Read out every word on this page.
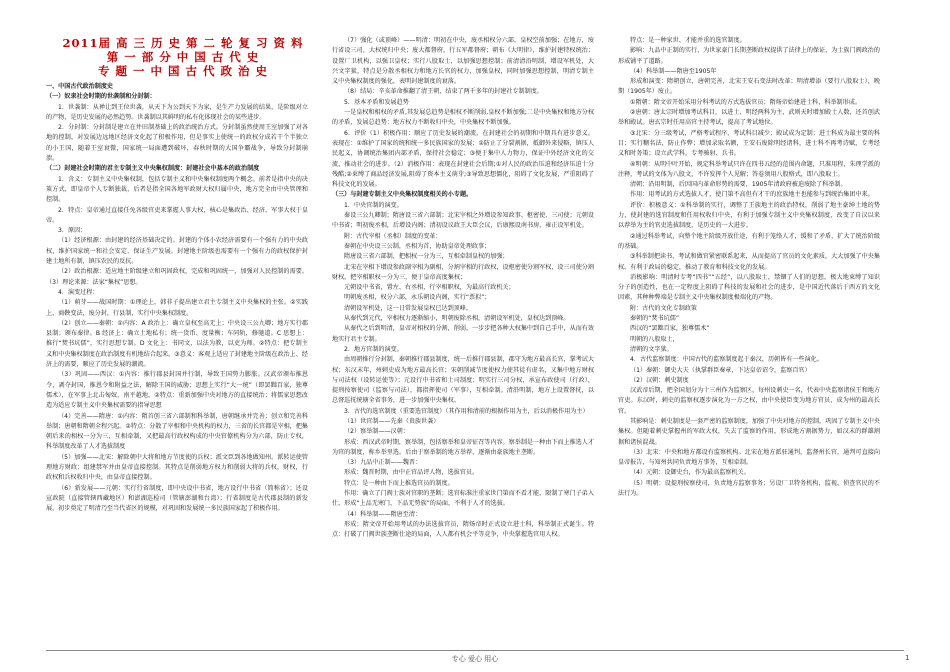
2011届 高 三 历 史 第 二 轮 复 习 资 料

第 一 部 分 中 国 古 代 史

专 题 一 中 国 古 代 政 治 史

一、中国古代政治制度史

（一）奴隶社会时期的世袭制和分封制：

1．世袭制：从禅让到王位世袭，从天下为公到天下为家，是生产力发展的结果，是阶级对立的产物，是历史发展的必然趋势。世袭制以其鲜明的私有化体现社会的某些进步。

2．分封制：分封制是建立在井田制基础上的政治统治方式。分封制虽然使周王室加强了对各地的控制，对发展边远地区经济文化起了积极作用，但是事实上使统一的政权分成若干个半独立的小王国，随着王室衰微，国家统一局面遭到破坏，春秋时期的大国争霸战争，导致分封制崩溃。

（二）封建社会时期的君主专制主义中央集权制度：封建社会中基本的政治制度

1．含义：专制主义中央集权制，包括专制主义和中央集权制度两个概念。前者是指中央的决策方式，即皇帝个人专断独裁，后者是指全国各地军政财大权归属中央，地方完全由中央管理和控制。

2．特点：皇帝通过直接任免各级官吏来掌握人事大权，核心是集政治、经济、军事大权于皇帝。

3．原因：

（1）经济根源：由封建的经济基础决定的。封建的个体小农经济需要有一个强有力的中央政权，维护国家统一和社会安定，保证生产发展。封建地主阶级也需要有一个强有力的政权保护封建土地所有制，镇压农民的反抗。

（2）政治根源：适应地主阶级建立和巩固政权，完成和巩固统一，加强对人民控制的需要。（3）理论来源：法家“集权”思想。

4．演变过程：

（1）萌芽——战国时期：①理论上，韩非子提出建立君主专制主义中央集权的主张。②实践上，商鞅变法，废分封，行县制，实行中央集权制度。

（2）创立——秦朝：①内容：A 政治上：确立皇权至高无上；中央设三公九卿；地方实行郡县制；颁布秦律。B 经济上：确立土地私有；统一货币、度量衡；车同轨，修驰道。C 思想上：推行“焚书坑儒”，实行思想专制。D 文化上：书同文，以法为教，以吏为师。②特点：把专制主义和中央集权制度在政治制度有机地结合起来。③意义：客观上适应了封建地主阶级在政治上、经济上的需要，顺应了历史发展的潮流。

（3）巩固——西汉：①内容：推行郡县封国并行制，导致王国势力膨胀。汉武帝颁布推恩令，剥夺封国，推恩令和附益之法，解除王国的威胁；思想上实行“大一统”（即罢黜百家，独尊儒术），在军事上北击匈奴，南平越地。②特点：重新加强中央对地方的直接统治；将儒家思想改造为适应专制主义中央集权需要的指导思想

（4）完善——隋唐：①内容：隋首创三省六部制和科举制，唐朝继承并完善；创立和完善科举制；唐朝和隋朝全程兴起。②特点：分散了宰相和中央机构的权力，三省的长官都是宰相，把集朝后来的相权一分为三，互相牵制，又把最高行政权构成的中央官僚机构分为六部，防止专权，科举制度改革了人才选拔制度

（5）加强——北宋：解除朝中大将和地方节度使的兵权；派文臣到各地做知州。派转运使管理地方财政；组建禁军并由皇帝直接控制。其特点是削弱地方权力和削弱大将的兵权，财权，行政权和兵权收归中央，由皇帝直接控制。

（6）新发展——元朝：实行行省制度，即中央设中书省，地方设行中书省（简称省）；还设宣政院（直接管辖西藏地区）和澎湖巡检司（管辖澎湖和台湾）；行省制度是古代郡县制的新发展，初步奠定了明清乃至当代省区的规模，对巩固和发展统一多民族国家起了积极作用。

（7）强化（或顶峰）——明清：明初在中央，废丞相权分六部，皇权空前加强；在地方，废行省设三司，大权统归中央；废大都督府，行五军都督府；朝布《大明律》，维护封建特权统治；设置厂卫机构，以强卫皇权；实行八股取士，以加强思想控制；前清清沿明制，增设军机处，大兴文字狱，特点是分散丞相权力和地方长官的权力，加强皇权，同时加强思想控制，明清专制主义中央集权制度的强化，表明封建制度的衰落。

（8）结局：辛亥革命推翻了清王朝，结束了两千多年的封建社专制制度。

5．基本矛盾和发展趋势

一是皇权和相权的矛盾,其发展总趋势是相权不断削弱,皇权不断加强;二是中央集权和地方分权的矛盾，发展总趋势：地方权力不断收归中央，中央集权不断加强。

6．评价（1）积极作用：顺应了历史发展的潮流，在封建社会的初期和中期具有进步意义。表现在：①维护了国家的统和统一多民族国家的发展；②防止了分裂割据，抵御外来侵略，镇压人民起义，协调统治集团内部矛盾，保持社会稳定；③便于集中人力物力，保证中外经济文化的交流，推动社会的进步。（2）消极作用：表现在封建社会后期;①对人民的政治压迫和经济压迫十分残酷;②束缚了商品经济发展,阻碍了资本主义萌芽;③导致思想僵化，阻碍了文化发展，严重阻碍了科技文化的发展。

（三）与封建专制主义中央集权制度相关的小专题。

1．中央官制的演变。

秦设三公九卿制；隋唐设三省六部制；北宋宰相之外增设参知政事、枢密使、三司使；元朝设中书省；明初废丞相，后增设内阁；清初设议政王大臣会议，后康熙设南书房，雍正设军机处。

附：古代宰相（丞相）制度的变革：

秦朝在中央设三公制，丞相为首，协助皇帝处理政事；

隋唐设三省六部制，把相权一分为三，互相牵制皇权的加强；

北宋在宰相下增设参政副宰相为副相，分割宰相的行政权，设枢密使分割军权，设三司使分割财权。把宰相职权一分为三，便于皇帝高度集权；

元朝设中书省，置左、右丞相，行宰相职权，为最高行政机关；

明朝废丞相，权分六部，永乐朝设内阁，实行“票拟”；

清朝设军机处，这一日常发展皇权已达到顶峰。

从秦代到元代，宰相权力逐渐缩小，明朝废除丞相，清朝设军机处，皇权达到顶峰。

从秦代之后到明清，皇帝对相权的分割，削弱，一步步把各种大权集中到自己手中，从而有效地实行君主专制。

2．地方官制的演变。

由周朝推行分封制，秦朝推行郡县制度，统一后推行郡县制，郡守为地方最高长官，掌考试大权；东汉末年，州刺史成为地方最高长官；宋朝削减节度使权力使其徒有虚名，又集中地方财权与司法权（设转运使等）；元设行中书省和土司制度；明实行三司分权，承宣布政使司（行政），提刑按察使司（监察与司法），都指挥使司（军事），互相牵制。清沿明制，地方上设置督抚，以总督巡抚统辖全省事务，进一步加强中央集权。

3．古代的选官制度（重要选官制度）（其作用和清前的根据作用为主，后以消极作用为主）

（1）世官制——先秦（贵族世袭）

（2）察举制——汉朝：

形成：西汉武帝时期，察举制，包括察举和皇帝征召等内容。察举制是一种由下而上推选人才为官的制度，称乡举里选。后由于察举制的地方举荐，逐渐由豪族地主垄断。

（3）九品中正制——魏晋：

形成：魏晋时期，由中正官品评人物，选拔官员。

特点：是一种由下而上推选官员的制度。

作用：确立了门阀士族对官职的垄断；选官标准注重家世门第而不看才能，限制了寒门子弟入仕，形成“上品无寒门，下品无势族”的局面，不利于人才的选拔。

（4）科举制——隋唐至清：

形成：隋文帝开始用考试的办法选拔官员，隋炀帝时正式设立进士科，科举制正式诞生。特点：打破了门阀世族垄断仕途的局面，人人都有机会平等竞争，中央掌握选官用人权。

特点：是一种家世、才能并重的选官制度。

影响：九品中正制的实行，为世家豪门长期垄断政权提供了法律上的保证，为士族门阀政治的形成铺平了道路。

（4）科举制——隋唐至1905年

形成和演变：隋朝创立，唐朝完善，北宋王安石变法时改革；明清增添（要行八股取士），晚期（1905年）废止。

①隋朝：隋文帝开始采用分科考试的方式选拔官员；隋炀帝始建进士科，科举制形成。

②唐朝：唐太宗时增加考试科目，以进士、明经两科为主，武则天时增加殿士人数，还首创武举和殿试。唐玄宗时任用高官主持考试，提高了考试地位。

③北宋：分三级考试，严格考试程序，考试科目减少；殿试成为定制；进士科成为最主要的科目；实行糊名法，防止作弊；增加录取名额，王安石废除明经诸科，进士科不再考诗赋，专考经义和时务策；设立武学科，专考骑射、兵书。

④明朝：从明中叶开始，规定科举考试只许在四书五经的范围内命题，只准用程，朱理学派的注释，考试的文体为八股文，不许发挥个人见解；答卷须用八股格式，即八股取士。

清朝：沿用明制，后因国内革命形势的需要，1905年清政府被迫废除了科举制。

作用：用考试的方式选拔人才，使门第不高但有才干的庶族地主也能参与到统治集团中来。

评价：积极意义：①科举制的实行，调整了王族地主的政治特权，削弱了地主豪绅土地的势力，使封建的选官制度和任用权收归中央，有利于加强专制主义中央集权制度，改变了自汉以来以荐举为主的官吏选拔制度，是历史的一大进步。

②通过科举考试，向整个地主阶级开放仕途，有利于笼络人才，缓和了矛盾，扩大了统治阶级的基础。

③科举制把读书、考试和做官紧密联系起来，从而提高了官员的文化素质，大大加强了中央集权。有利于政局的稳定，推动了教育和科技文化的发展。

消极影响：明清时专考“四书”“五经”，以八股取士，禁锢了人们的思想，极大地束缚了知识分子的创造性，也在一定程度上阻碍了科技的发展和社会的进步，是中国近代落后于西方的文化因素，其种种弊端是专制主义中央集权制度极端化的产物。

附：古代的文化专制政策

秦朝的“焚书坑儒”

西汉的“罢黜百家，独尊儒术”

明朝的八股取士，

清朝的文字狱。

4．古代监察制度：中国古代的监察制度起于秦汉，历朝皆有一些演化。

（1）秦朝：御史大夫（执掌群臣奏章，下达皇帝诏令，监察百官）

（2）汉朝：刺史制度

汉武帝后期，把全国划分为十三州作为监察区，每州设刺史一名，代表中央监察诸侯王和地方官吏。东汉时，刺史的监察权逐步演化为一方之权，由中央使臣变为地方官员，成为州的最高长官。

其影响是：刺史制度是一套严密的监察制度，加强了中央对地方的控制，巩固了专制主义中央集权。但随着刺史掌握州的军政大权，失去了监察的作用，形成地方割据势力，如汉末的群雄割据和诸侯混战。

（3）北宋：中央和地方都设有监察机构。北宋在地方派驻通判，监督州长官，通判可直接向皇帝报告，与知州共同负责地方事务，互相牵制。

（4）元朝：设御史台，作为最高监察机关。

（5）明朝：设提刑按察使司，负责地方监察事务；另设厂卫特务机构，监视、侦查官民的不法行为。

专心 爱心 用心	1
